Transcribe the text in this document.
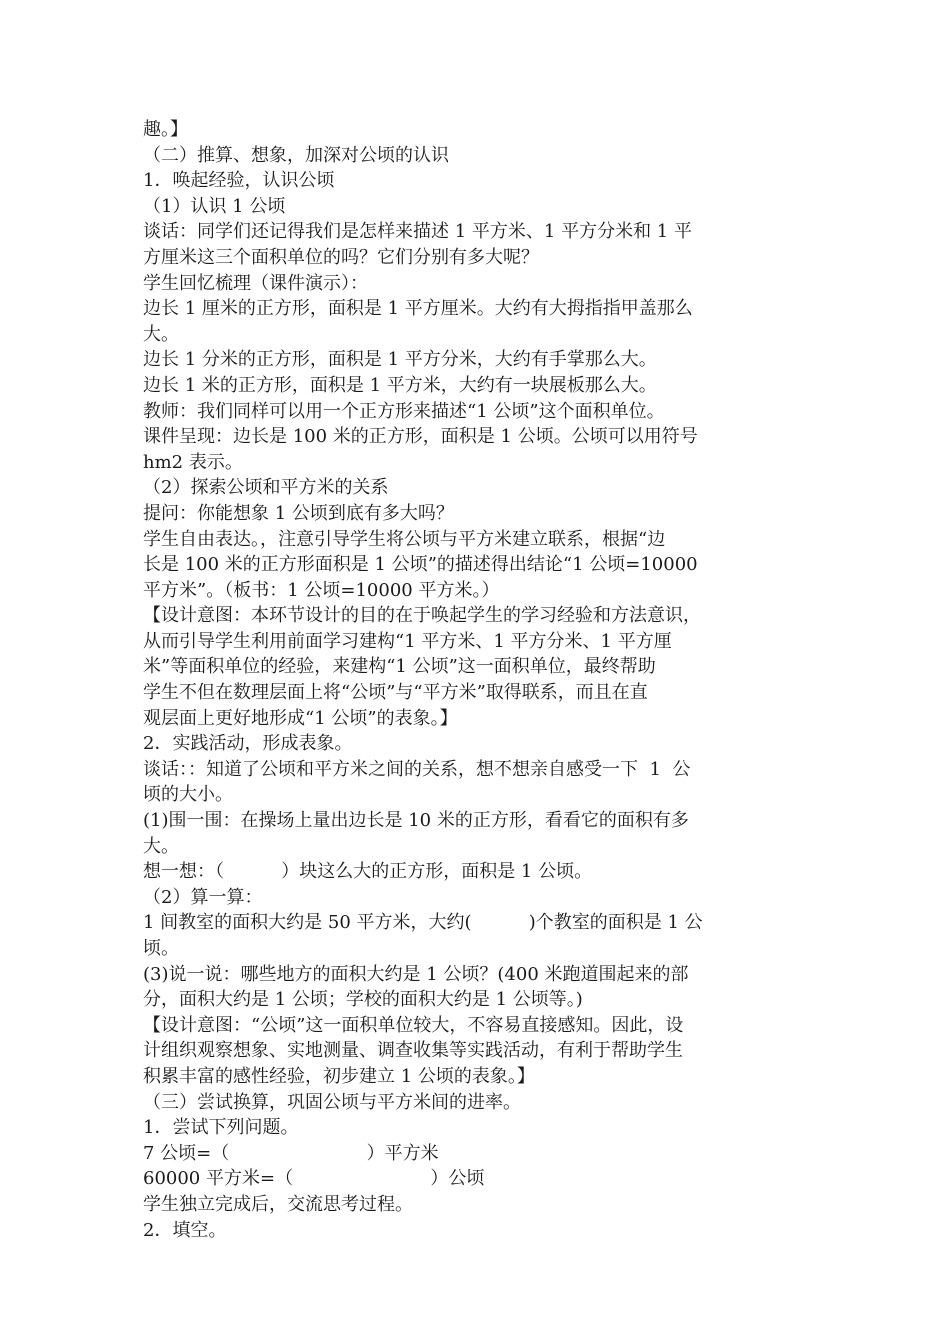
趣。】
（二）推算、想象，加深对公顷的认识
1．唤起经验，认识公顷
（1）认识 1 公顷
谈话：同学们还记得我们是怎样来描述 1 平方米、1 平方分米和 1 平
方厘米这三个面积单位的吗？它们分别有多大呢？
学生回忆梳理（课件演示）：
边长 1 厘米的正方形，面积是 1 平方厘米。大约有大拇指指甲盖那么
大。
边长 1 分米的正方形，面积是 1 平方分米，大约有手掌那么大。
边长 1 米的正方形，面积是 1 平方米，大约有一块展板那么大。
教师：我们同样可以用一个正方形来描述“1 公顷”这个面积单位。
课件呈现：边长是 100 米的正方形，面积是 1 公顷。公顷可以用符号
hm2 表示。
（2）探索公顷和平方米的关系
提问：你能想象 1 公顷到底有多大吗？
学生自由表达。，注意引导学生将公顷与平方米建立联系，根据“边
长是 100 米的正方形面积是 1 公顷”的描述得出结论“1 公顷=10000
平方米”。（板书：1 公顷=10000 平方米。）
【设计意图：本环节设计的目的在于唤起学生的学习经验和方法意识，
从而引导学生利用前面学习建构“1 平方米、1 平方分米、1 平方厘
米”等面积单位的经验，来建构“1 公顷”这一面积单位，最终帮助
学生不但在数理层面上将“公顷”与“平方米”取得联系，而且在直
观层面上更好地形成“1 公顷”的表象。】
2．实践活动，形成表象。
谈话：：知道了公顷和平方米之间的关系，想不想亲自感受一下  1  公
顷的大小。
(1)围一围：在操场上量出边长是 10 米的正方形，看看它的面积有多
大。
想一想：（          ）块这么大的正方形，面积是 1 公顷。
（2）算一算：
1 间教室的面积大约是 50 平方米，大约(          )个教室的面积是 1 公
顷。
(3)说一说：哪些地方的面积大约是 1 公顷？(400 米跑道围起来的部
分，面积大约是 1 公顷；学校的面积大约是 1 公顷等。)
【设计意图：“公顷”这一面积单位较大，不容易直接感知。因此，设
计组织观察想象、实地测量、调查收集等实践活动，有利于帮助学生
积累丰富的感性经验，初步建立 1 公顷的表象。】
（三）尝试换算，巩固公顷与平方米间的进率。
1．尝试下列问题。
7 公顷=（                        ）平方米
60000 平方米=（                        ）公顷
学生独立完成后，交流思考过程。
2．填空。
